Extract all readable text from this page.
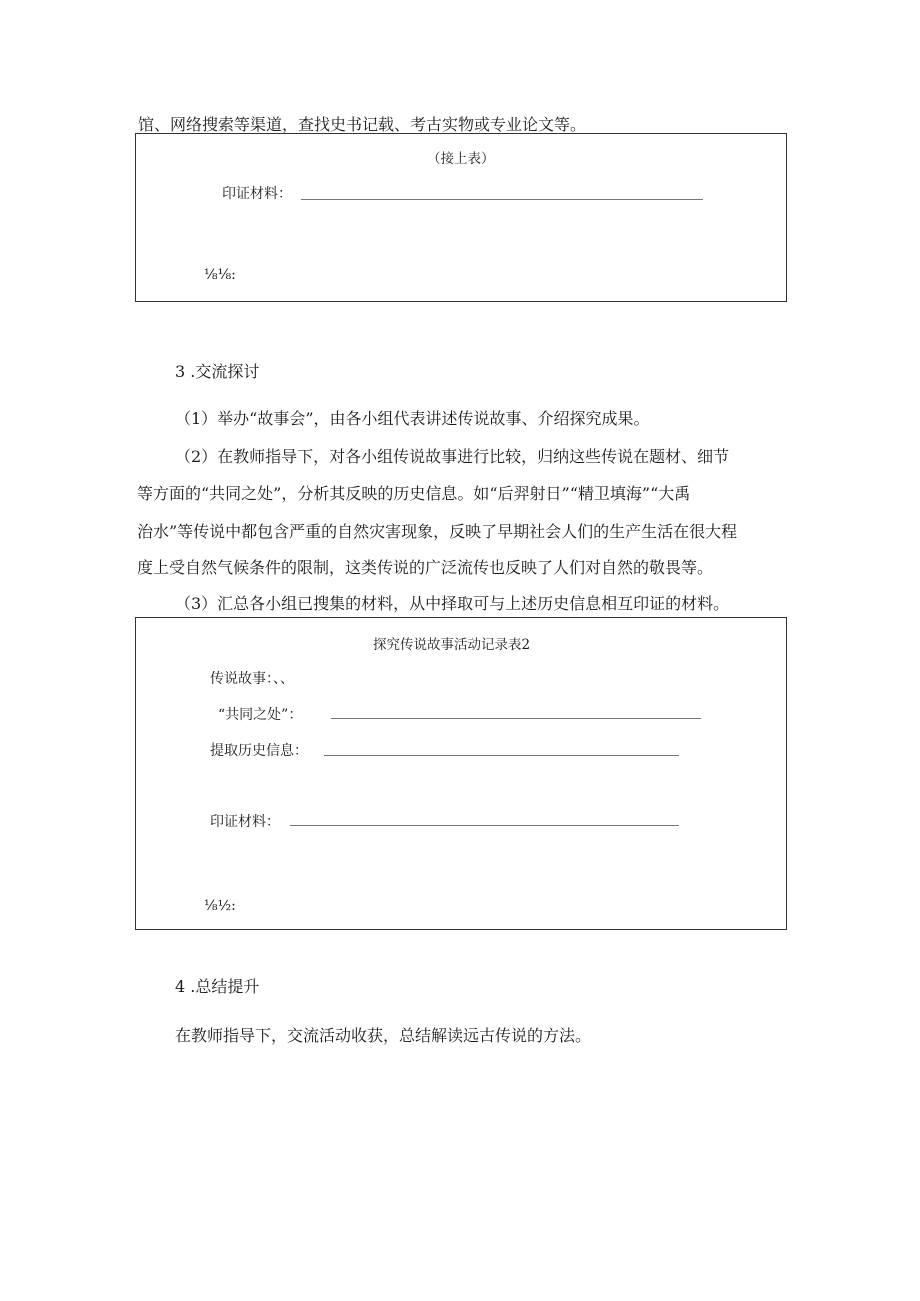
馆、网络搜索等渠道，查找史书记载、考古实物或专业论文等。
（接上表）
印证材料：
⅛⅛:
3 .交流探讨
（1）举办“故事会”，由各小组代表讲述传说故事、介绍探究成果。
（2）在教师指导下，对各小组传说故事进行比较，归纳这些传说在题材、细节
等方面的“共同之处”，分析其反映的历史信息。如“后羿射日”“精卫填海”“大禹
治水”等传说中都包含严重的自然灾害现象，反映了早期社会人们的生产生活在很大程
度上受自然气候条件的限制，这类传说的广泛流传也反映了人们对自然的敬畏等。
（3）汇总各小组已搜集的材料，从中择取可与上述历史信息相互印证的材料。
探究传说故事活动记录表2
传说故事：、、
“共同之处”：
提取历史信息：
印证材料：
⅛½:
4 .总结提升
在教师指导下，交流活动收获，总结解读远古传说的方法。
